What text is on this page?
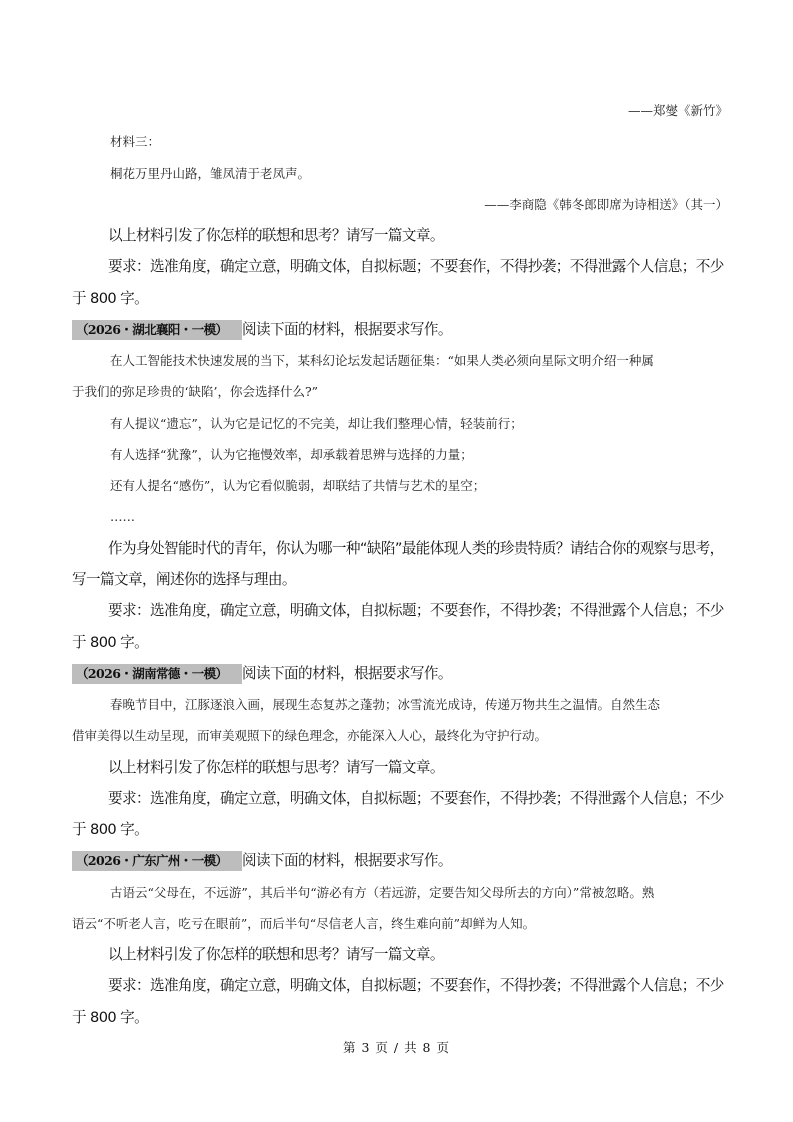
——郑燮《新竹》
材料三：
桐花万里丹山路，雏凤清于老凤声。
——李商隐《韩冬郎即席为诗相送》（其一）
以上材料引发了你怎样的联想和思考？请写一篇文章。
要求：选准角度，确定立意，明确文体，自拟标题；不要套作，不得抄袭；不得泄露个人信息；不少
于 800 字。
（2026・湖北襄阳・一模） 阅读下面的材料，根据要求写作。
在人工智能技术快速发展的当下，某科幻论坛发起话题征集：“如果人类必须向星际文明介绍一种属
于我们的弥足珍贵的‘缺陷’，你会选择什么?”
有人提议“遗忘”，认为它是记忆的不完美，却让我们整理心情，轻装前行；
有人选择“犹豫”，认为它拖慢效率，却承载着思辨与选择的力量；
还有人提名“感伤”，认为它看似脆弱，却联结了共情与艺术的星空；
……
作为身处智能时代的青年，你认为哪一种“缺陷”最能体现人类的珍贵特质？请结合你的观察与思考，
写一篇文章，阐述你的选择与理由。
要求：选准角度，确定立意，明确文体，自拟标题；不要套作，不得抄袭；不得泄露个人信息；不少
于 800 字。
（2026・湖南常德・一模） 阅读下面的材料，根据要求写作。
春晚节目中，江豚逐浪入画，展现生态复苏之蓬勃；冰雪流光成诗，传递万物共生之温情。自然生态
借审美得以生动呈现，而审美观照下的绿色理念，亦能深入人心，最终化为守护行动。
以上材料引发了你怎样的联想与思考？请写一篇文章。
要求：选准角度，确定立意，明确文体，自拟标题；不要套作，不得抄袭；不得泄露个人信息；不少
于 800 字。
（2026・广东广州・一模） 阅读下面的材料，根据要求写作。
古语云“父母在，不远游”，其后半句“游必有方（若远游，定要告知父母所去的方向）”常被忽略。熟
语云“不听老人言，吃亏在眼前”，而后半句“尽信老人言，终生难向前”却鲜为人知。
以上材料引发了你怎样的联想和思考？请写一篇文章。
要求：选准角度，确定立意，明确文体，自拟标题；不要套作，不得抄袭；不得泄露个人信息；不少
于 800 字。
第 3 页 / 共 8 页
